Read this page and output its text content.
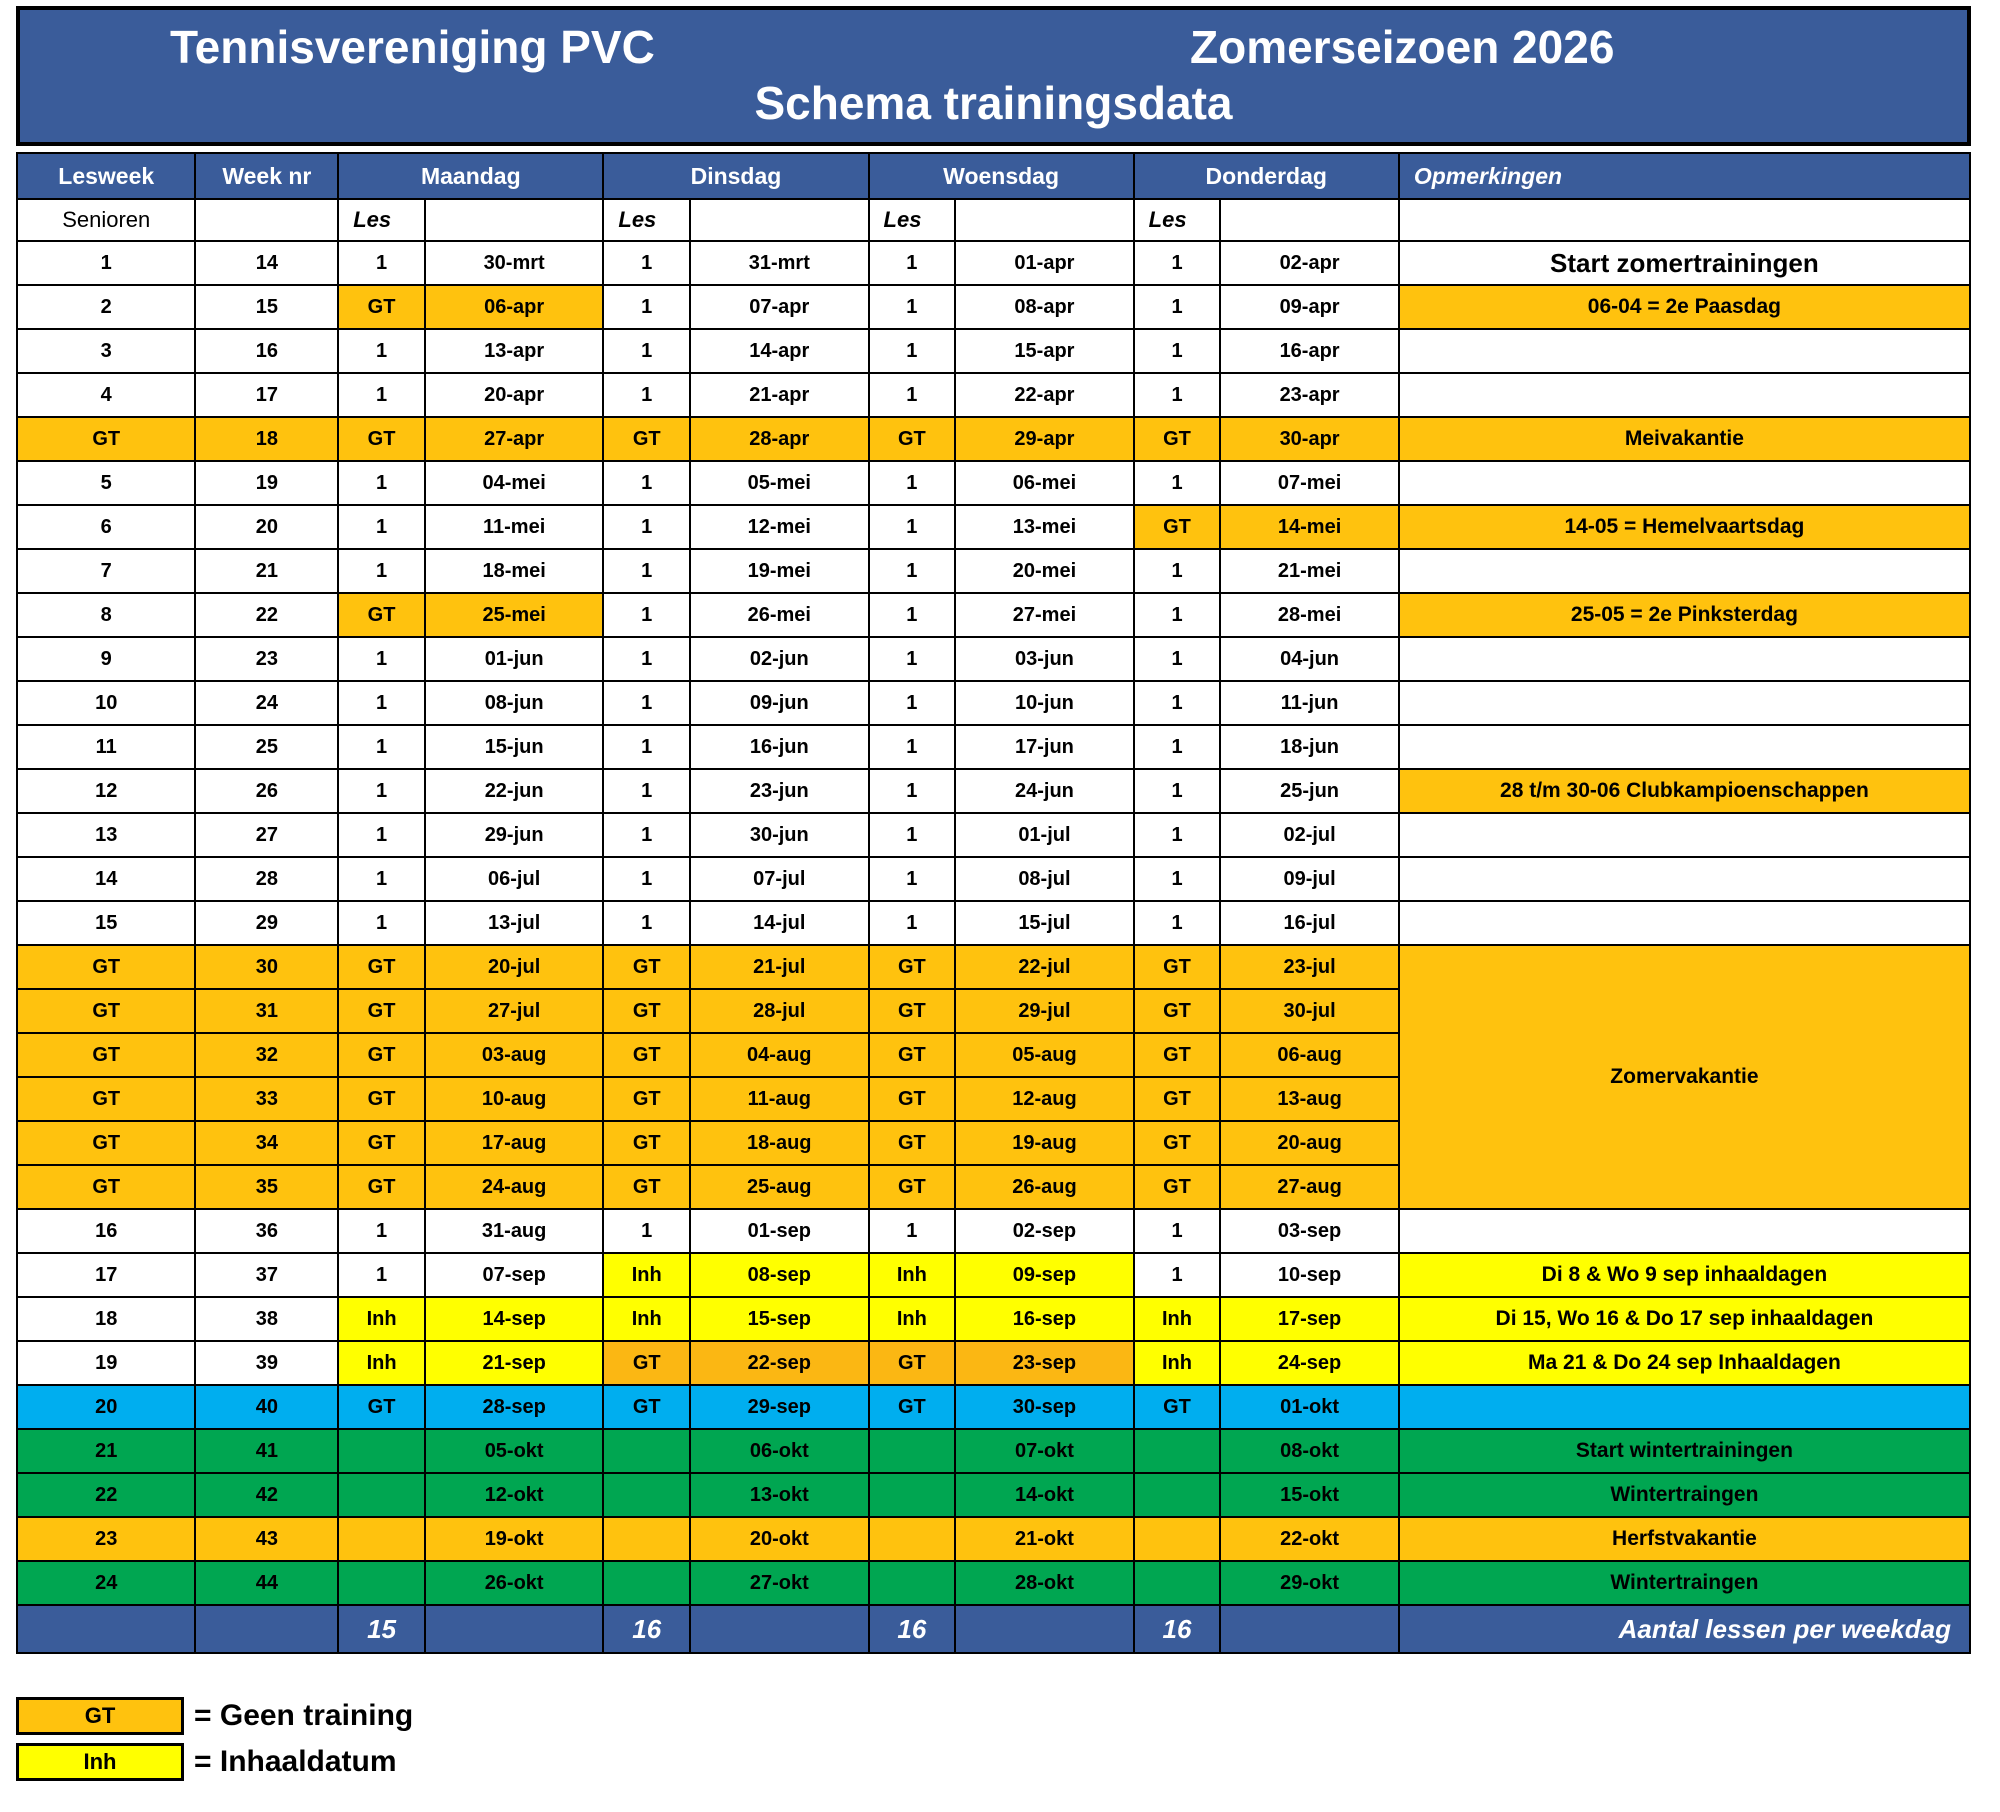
Tennisvereniging PVC	Zomerseizoen 2026
Schema trainingsdata
Lesweek	Week nr	Maandag		Dinsdag		Woensdag		Donderdag		Opmerkingen
Senioren		Les		Les		Les		Les		
1	14	1	30-mrt	1	31-mrt	1	01-apr	1	02-apr	Start zomertrainingen
2	15	GT	06-apr	1	07-apr	1	08-apr	1	09-apr	06-04 = 2e Paasdag
3	16	1	13-apr	1	14-apr	1	15-apr	1	16-apr	
4	17	1	20-apr	1	21-apr	1	22-apr	1	23-apr	
GT	18	GT	27-apr	GT	28-apr	GT	29-apr	GT	30-apr	Meivakantie
5	19	1	04-mei	1	05-mei	1	06-mei	1	07-mei	
6	20	1	11-mei	1	12-mei	1	13-mei	GT	14-mei	14-05 = Hemelvaartsdag
7	21	1	18-mei	1	19-mei	1	20-mei	1	21-mei	
8	22	GT	25-mei	1	26-mei	1	27-mei	1	28-mei	25-05 = 2e Pinksterdag
9	23	1	01-jun	1	02-jun	1	03-jun	1	04-jun	
10	24	1	08-jun	1	09-jun	1	10-jun	1	11-jun	
11	25	1	15-jun	1	16-jun	1	17-jun	1	18-jun	
12	26	1	22-jun	1	23-jun	1	24-jun	1	25-jun	28 t/m 30-06 Clubkampioenschappen
13	27	1	29-jun	1	30-jun	1	01-jul	1	02-jul	
14	28	1	06-jul	1	07-jul	1	08-jul	1	09-jul	
15	29	1	13-jul	1	14-jul	1	15-jul	1	16-jul	
GT	30	GT	20-jul	GT	21-jul	GT	22-jul	GT	23-jul	Zomervakantie
GT	31	GT	27-jul	GT	28-jul	GT	29-jul	GT	30-jul	
GT	32	GT	03-aug	GT	04-aug	GT	05-aug	GT	06-aug	
GT	33	GT	10-aug	GT	11-aug	GT	12-aug	GT	13-aug	
GT	34	GT	17-aug	GT	18-aug	GT	19-aug	GT	20-aug	
GT	35	GT	24-aug	GT	25-aug	GT	26-aug	GT	27-aug	
16	36	1	31-aug	1	01-sep	1	02-sep	1	03-sep	
17	37	1	07-sep	Inh	08-sep	Inh	09-sep	1	10-sep	Di 8 & Wo 9 sep inhaaldagen
18	38	Inh	14-sep	Inh	15-sep	Inh	16-sep	Inh	17-sep	Di 15, Wo 16 & Do 17 sep inhaaldagen
19	39	Inh	21-sep	GT	22-sep	GT	23-sep	Inh	24-sep	Ma 21 & Do 24 sep Inhaaldagen
20	40	GT	28-sep	GT	29-sep	GT	30-sep	GT	01-okt	
21	41		05-okt		06-okt		07-okt		08-okt	Start wintertrainingen
22	42		12-okt		13-okt		14-okt		15-okt	Wintertraingen
23	43		19-okt		20-okt		21-okt		22-okt	Herfstvakantie
24	44		26-okt		27-okt		28-okt		29-okt	Wintertraingen
		15		16		16		16		Aantal lessen per weekdag
GT	= Geen training
Inh	= Inhaaldatum
